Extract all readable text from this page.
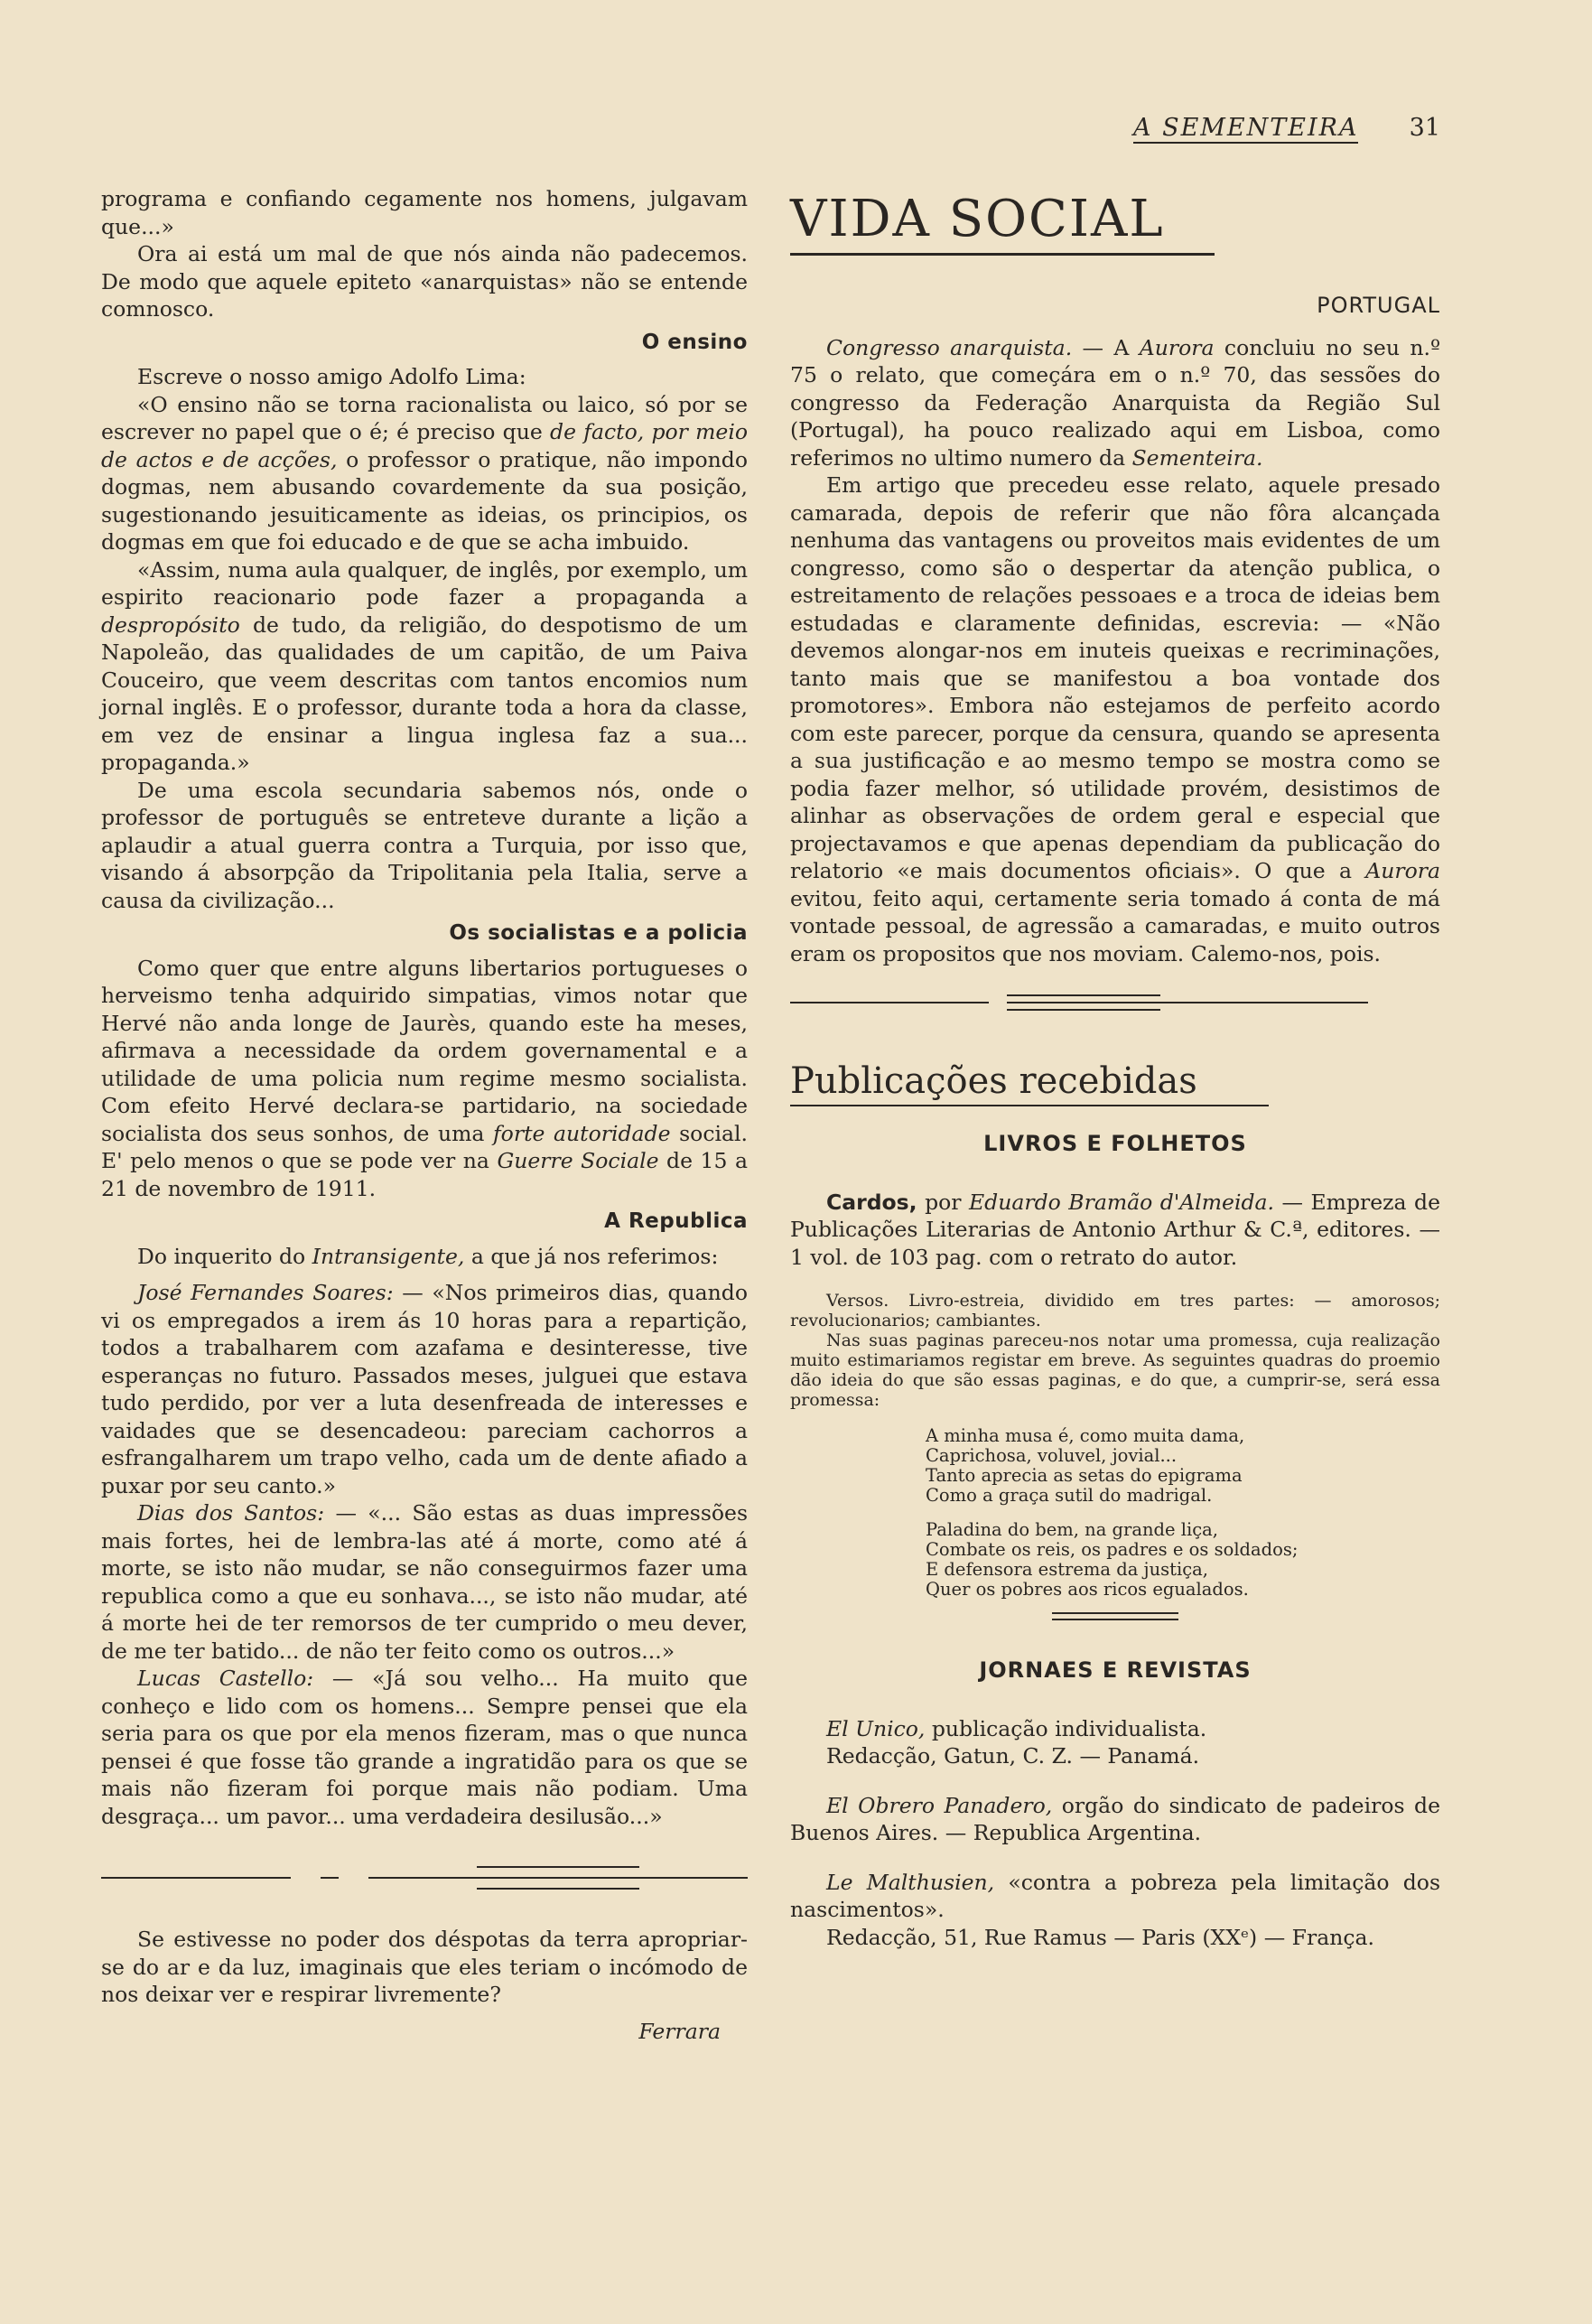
A SEMENTEIRA 31

programa e confiando cegamente nos homens, julgavam que...»

Ora ai está um mal de que nós ainda não padecemos. De modo que aquele epiteto «anarquistas» não se entende comnosco.

O ensino

Escreve o nosso amigo Adolfo Lima:

«O ensino não se torna racionalista ou laico, só por se escrever no papel que o é; é preciso que de facto, por meio de actos e de acções, o professor o pratique, não impondo dogmas, nem abusando covardemente da sua posição, sugestionando jesuiticamente as ideias, os principios, os dogmas em que foi educado e de que se acha imbuido.

«Assim, numa aula qualquer, de inglês, por exemplo, um espirito reacionario pode fazer a propaganda a despropósito de tudo, da religião, do despotismo de um Napoleão, das qualidades de um capitão, de um Paiva Couceiro, que veem descritas com tantos encomios num jornal inglês. E o professor, durante toda a hora da classe, em vez de ensinar a lingua inglesa faz a sua... propaganda.»

De uma escola secundaria sabemos nós, onde o professor de português se entreteve durante a lição a aplaudir a atual guerra contra a Turquia, por isso que, visando á absorpção da Tripolitania pela Italia, serve a causa da civilização...

Os socialistas e a policia

Como quer que entre alguns libertarios portugueses o herveismo tenha adquirido simpatias, vimos notar que Hervé não anda longe de Jaurès, quando este ha meses, afirmava a necessidade da ordem governamental e a utilidade de uma policia num regime mesmo socialista. Com efeito Hervé declara-se partidario, na sociedade socialista dos seus sonhos, de uma forte autoridade social. E' pelo menos o que se pode ver na Guerre Sociale de 15 a 21 de novembro de 1911.

A Republica

Do inquerito do Intransigente, a que já nos referimos:

José Fernandes Soares: — «Nos primeiros dias, quando vi os empregados a irem ás 10 horas para a repartição, todos a trabalharem com azafama e desinteresse, tive esperanças no futuro. Passados meses, julguei que estava tudo perdido, por ver a luta desenfreada de interesses e vaidades que se desencadeou: pareciam cachorros a esfrangalharem um trapo velho, cada um de dente afiado a puxar por seu canto.»

Dias dos Santos: — «... São estas as duas impressões mais fortes, hei de lembra-las até á morte, como até á morte, se isto não mudar, se não conseguirmos fazer uma republica como a que eu sonhava..., se isto não mudar, até á morte hei de ter remorsos de ter cumprido o meu dever, de me ter batido... de não ter feito como os outros...»

Lucas Castello: — «Já sou velho... Ha muito que conheço e lido com os homens... Sempre pensei que ela seria para os que por ela menos fizeram, mas o que nunca pensei é que fosse tão grande a ingratidão para os que se mais não fizeram foi porque mais não podiam. Uma desgraça... um pavor... uma verdadeira desilusão...»

Se estivesse no poder dos déspotas da terra apropriar-se do ar e da luz, imaginais que eles teriam o incómodo de nos deixar ver e respirar livremente?

Ferrara
VIDA SOCIAL
PORTUGAL

Congresso anarquista. — A Aurora concluiu no seu n.º 75 o relato, que começára em o n.º 70, das sessões do congresso da Federação Anarquista da Região Sul (Portugal), ha pouco realizado aqui em Lisboa, como referimos no ultimo numero da Sementeira.

Em artigo que precedeu esse relato, aquele presado camarada, depois de referir que não fôra alcançada nenhuma das vantagens ou proveitos mais evidentes de um congresso, como são o despertar da atenção publica, o estreitamento de relações pessoaes e a troca de ideias bem estudadas e claramente definidas, escrevia: — «Não devemos alongar-nos em inuteis queixas e recriminações, tanto mais que se manifestou a boa vontade dos promotores». Embora não estejamos de perfeito acordo com este parecer, porque da censura, quando se apresenta a sua justificação e ao mesmo tempo se mostra como se podia fazer melhor, só utilidade provém, desistimos de alinhar as observações de ordem geral e especial que projectavamos e que apenas dependiam da publicação do relatorio «e mais documentos oficiais». O que a Aurora evitou, feito aqui, certamente seria tomado á conta de má vontade pessoal, de agressão a camaradas, e muito outros eram os propositos que nos moviam. Calemo-nos, pois.

Publicações recebidas
LIVROS E FOLHETOS

Cardos, por Eduardo Bramão d'Almeida. — Empreza de Publicações Literarias de Antonio Arthur & C.ª, editores. — 1 vol. de 103 pag. com o retrato do autor.

Versos. Livro-estreia, dividido em tres partes: — amorosos; revolucionarios; cambiantes.

Nas suas paginas pareceu-nos notar uma promessa, cuja realização muito estimariamos registar em breve. As seguintes quadras do proemio dão ideia do que são essas paginas, e do que, a cumprir-se, será essa promessa:

A minha musa é, como muita dama,
Caprichosa, voluvel, jovial...
Tanto aprecia as setas do epigrama
Como a graça sutil do madrigal.
Paladina do bem, na grande liça,
Combate os reis, os padres e os soldados;
E defensora estrema da justiça,
Quer os pobres aos ricos egualados.
JORNAES E REVISTAS

El Unico, publicação individualista.

Redacção, Gatun, C. Z. — Panamá.

El Obrero Panadero, orgão do sindicato de padeiros de Buenos Aires. — Republica Argentina.

Le Malthusien, «contra a pobreza pela limitação dos nascimentos».

Redacção, 51, Rue Ramus — Paris (XXᵉ) — França.
